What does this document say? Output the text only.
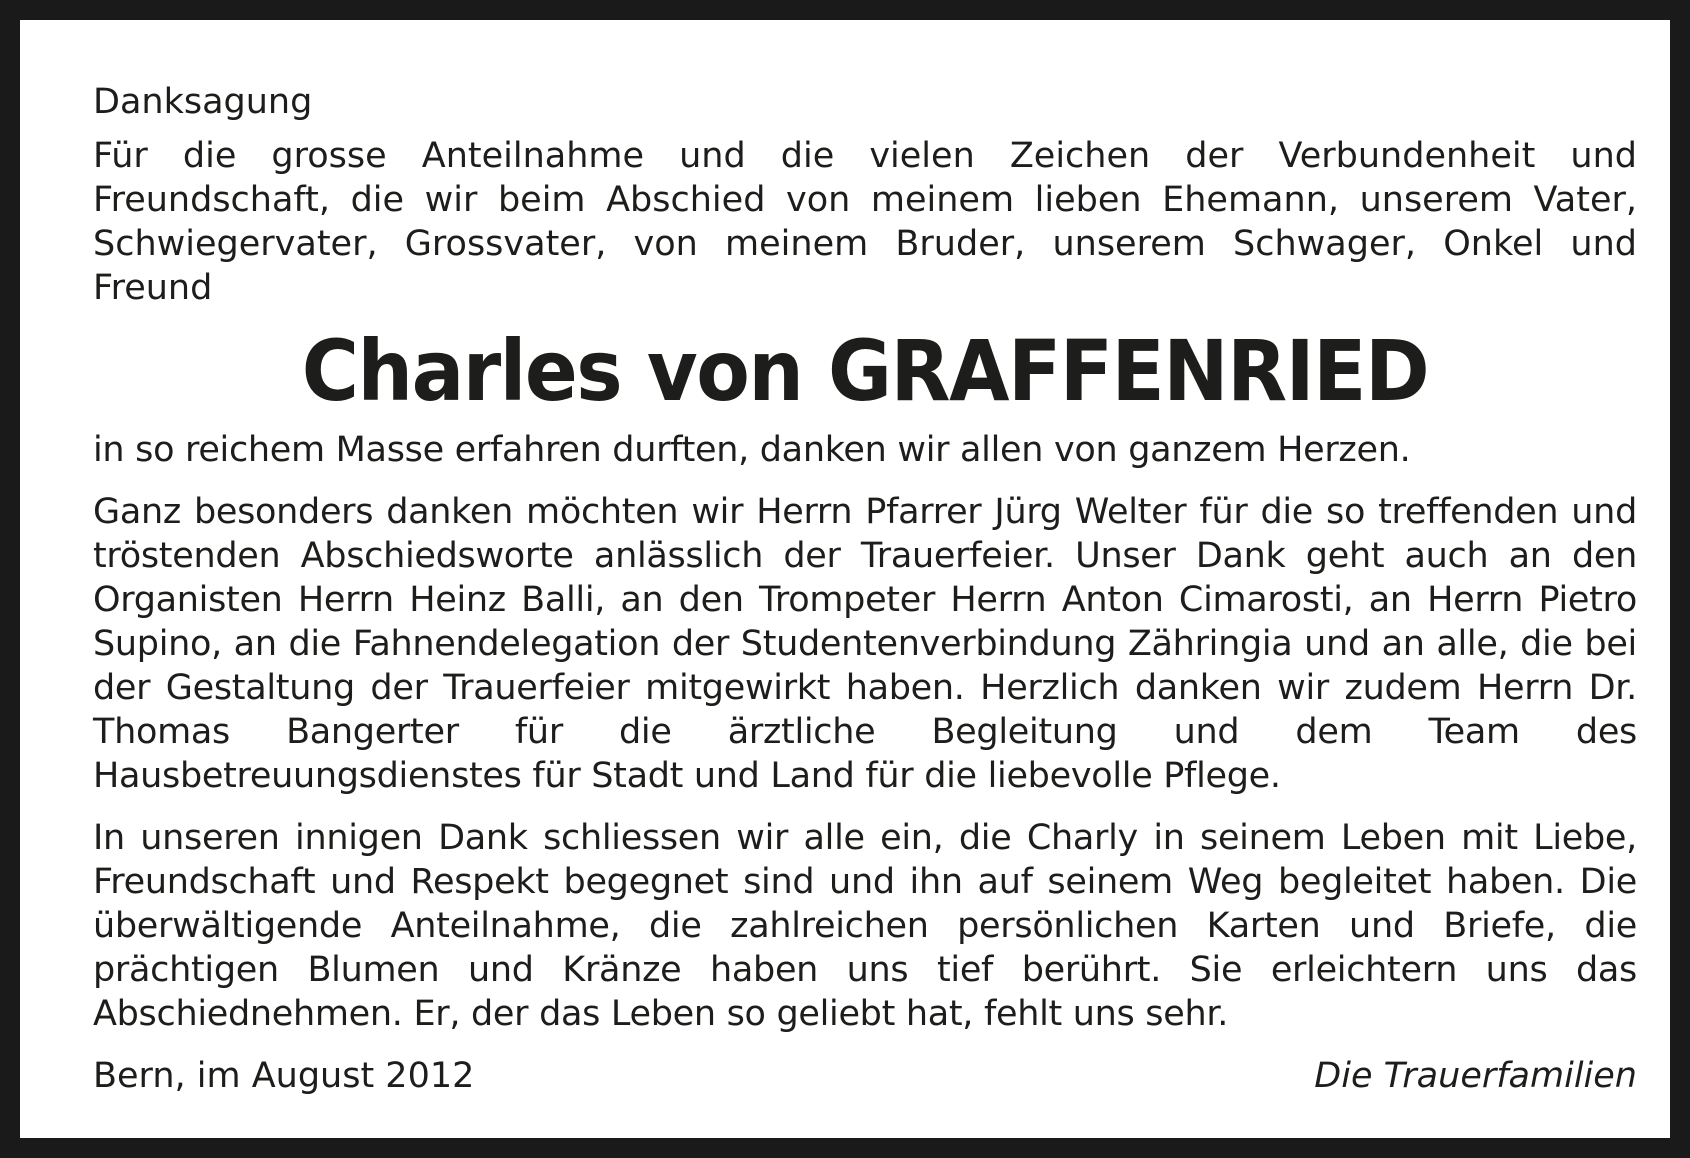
Danksagung

Für die grosse Anteilnahme und die vielen Zeichen der Verbundenheit und Freundschaft, die wir beim Abschied von meinem lieben Ehemann, unserem Vater, Schwiegervater, Grossvater, von meinem Bruder, unserem Schwager, Onkel und Freund

Charles von GRAFFENRIED

in so reichem Masse erfahren durften, danken wir allen von ganzem Herzen.

Ganz besonders danken möchten wir Herrn Pfarrer Jürg Welter für die so treffenden und tröstenden Abschiedsworte anlässlich der Trauerfeier. Unser Dank geht auch an den Organisten Herrn Heinz Balli, an den Trompeter Herrn Anton Cimarosti, an Herrn Pietro Supino, an die Fahnendelegation der Studentenverbindung Zähringia und an alle, die bei der Gestaltung der Trauerfeier mitgewirkt haben. Herzlich danken wir zudem Herrn Dr. Thomas Bangerter für die ärztliche Begleitung und dem Team des Hausbetreuungsdienstes für Stadt und Land für die liebevolle Pflege.

In unseren innigen Dank schliessen wir alle ein, die Charly in seinem Leben mit Liebe, Freundschaft und Respekt begegnet sind und ihn auf seinem Weg begleitet haben. Die überwältigende Anteilnahme, die zahlreichen persönlichen Karten und Briefe, die prächtigen Blumen und Kränze haben uns tief berührt. Sie erleichtern uns das Abschiednehmen. Er, der das Leben so geliebt hat, fehlt uns sehr.

Bern, im August 2012	Die Trauerfamilien
